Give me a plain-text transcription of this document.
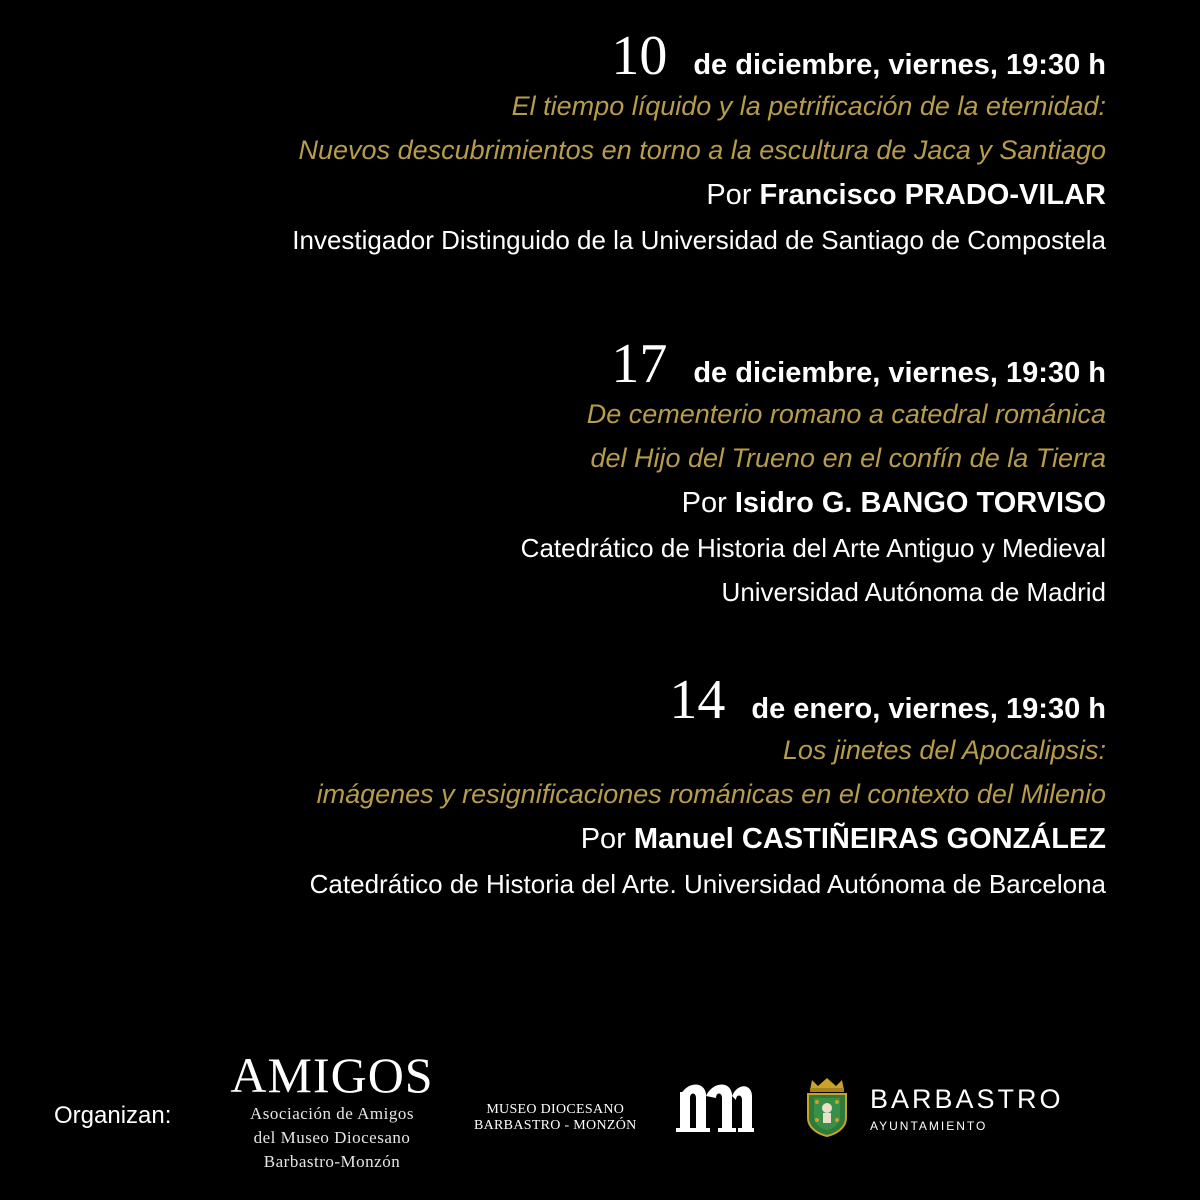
10 de diciembre, viernes, 19:30 h
El tiempo líquido y la petrificación de la eternidad:
Nuevos descubrimientos en torno a la escultura de Jaca y Santiago
Por Francisco PRADO-VILAR
Investigador Distinguido de la Universidad de Santiago de Compostela
17 de diciembre, viernes, 19:30 h
De cementerio romano a catedral románica
del Hijo del Trueno en el confín de la Tierra
Por Isidro G. BANGO TORVISO
Catedrático de Historia del Arte Antiguo y Medieval
Universidad Autónoma de Madrid
14 de enero, viernes, 19:30 h
Los jinetes del Apocalipsis:
imágenes y resignificaciones románicas en el contexto del Milenio
Por Manuel CASTIÑEIRAS GONZÁLEZ
Catedrático de Historia del Arte. Universidad Autónoma de Barcelona
Organizan:
AMIGOS
Asociación de Amigos
del Museo Diocesano
Barbastro-Monzón
MUSEO DIOCESANO
BARBASTRO - MONZÓN
BARBASTRO
AYUNTAMIENTO
